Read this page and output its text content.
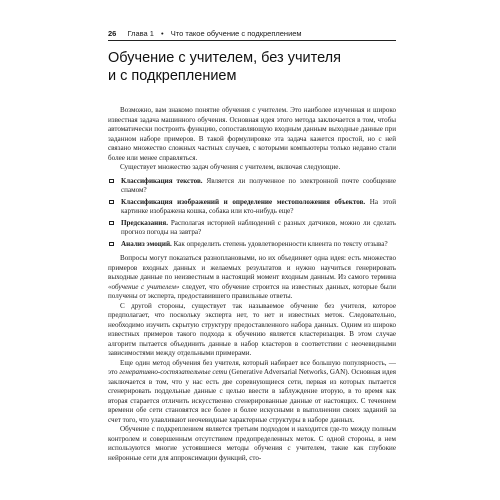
26 Глава 1 • Что такое обучение с подкреплением
Обучение с учителем, без учителя
и с подкреплением

Возможно, вам знакомо понятие обучения с учителем. Это наиболее изученная и широко известная задача машинного обучения. Основная идея этого метода заключается в том, чтобы автоматически построить функцию, сопоставляющую входным данным выходные данные при заданном наборе примеров. В такой формулировке эта задача кажется простой, но с ней связано множество сложных частных случаев, с которыми компьютеры только недавно стали более или менее справляться.

Существует множество задач обучения с учителем, включая следующие.

Классификация текстов. Является ли полученное по электронной почте сообщение спамом?
Классификация изображений и определение местоположения объектов. На этой картинке изображена кошка, собака или кто-нибудь еще?
Предсказания. Располагая историей наблюдений с разных датчиков, можно ли сделать прогноз погоды на завтра?
Анализ эмоций. Как определить степень удовлетворенности клиента по тексту отзыва?

Вопросы могут показаться разноплановыми, но их объединяет одна идея: есть множество примеров входных данных и желаемых результатов и нужно научиться генерировать выходные данные по неизвестным в настоящий момент входным данным. Из самого термина «обучение с учителем» следует, что обучение строится на известных данных, которые были получены от эксперта, предоставившего правильные ответы.

С другой стороны, существует так называемое обучение без учителя, которое предполагает, что поскольку эксперта нет, то нет и известных меток. Следовательно, необходимо изучить скрытую структуру предоставленного набора данных. Одним из широко известных примеров такого подхода к обучению является кластеризация. В этом случае алгоритм пытается объединить данные в набор кластеров в соответствии с неочевидными зависимостями между отдельными примерами.

Еще один метод обучения без учителя, который набирает все большую популярность, — это генеративно-состязательные сети (Generative Adversarial Networks, GAN). Основная идея заключается в том, что у нас есть две соревнующиеся сети, первая из которых пытается сгенерировать поддельные данные с целью ввести в заблуждение вторую, в то время как вторая старается отличить искусственно сгенерированные данные от настоящих. С течением времени обе сети становятся все более и более искусными в выполнении своих заданий за счет того, что улавливают неочевидные характерные структуры в наборе данных.

Обучение с подкреплением является третьим подходом и находится где-то между полным контролем и совершенным отсутствием предопределенных меток. С одной стороны, в нем используются многие устоявшиеся методы обучения с учителем, такие как глубокие нейронные сети для аппроксимации функций, сто-
